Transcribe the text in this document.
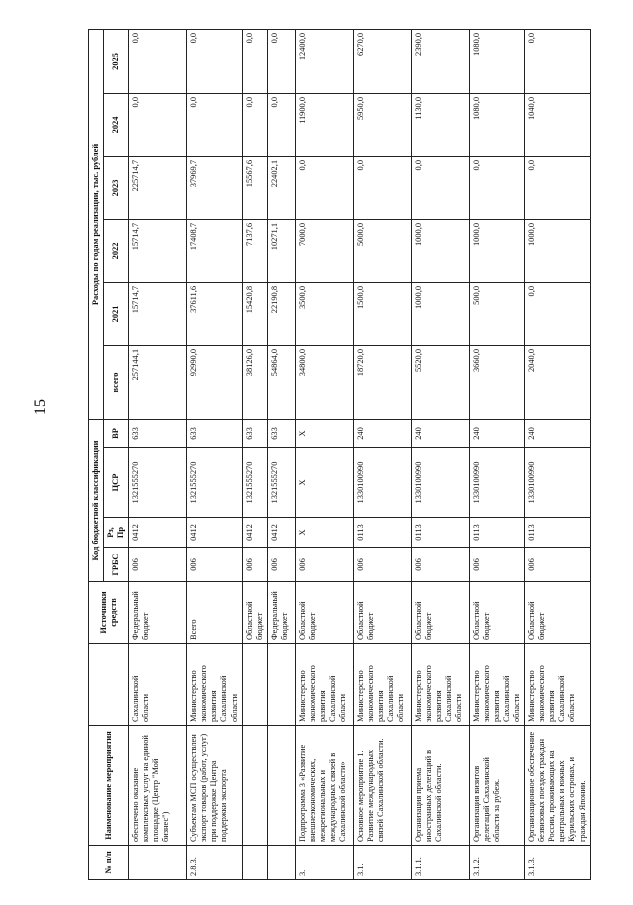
15
№ п/п	Наименование мероприятия		Источники средств	Код бюджетной классификации				Расходы по годам реализации, тыс. рублей					
				ГРБС	Рз, Пр	ЦСР	ВР	всего	2021	2022	2023	2024	2025
	обеспечено оказание комплексных услуг на единой площадке (Центр "Мой бизнес")	Сахалинской области	Федеральный бюджет	006	0412	1321555270	633	257144,1	15714,7	15714,7	225714,7	0,0	0,0
2.8.3.	Субъектам МСП осуществлен экспорт товаров (работ, услуг) при поддержке Центра поддержки экспорта	Министерство экономического развития Сахалинской области	Всего	006	0412	1321555270	633	92990,0	37611,6	17408,7	37969,7	0,0	0,0
			Областной бюджет	006	0412	1321555270	633	38126,0	15420,8	7137,6	15567,6	0,0	0,0
			Федеральный бюджет	006	0412	1321555270	633	54864,0	22190,8	10271,1	22402,1	0,0	0,0
3.	Подпрограмма 3 «Развитие внешнеэкономических, межрегиональных и международных связей в Сахалинской области»	Министерство экономического развития Сахалинской области	Областной бюджет	006	X	X	X	34800,0	3500,0	7000,0	0,0	11900,0	12400,0
3.1.	Основное мероприятие 1. Развитие международных связей Сахалинской области.	Министерство экономического развития Сахалинской области	Областной бюджет	006	0113	1330100990	240	18720,0	1500,0	5000,0	0,0	5950,0	6270,0
3.1.1.	Организация приема иностранных делегаций в Сахалинской области.	Министерство экономического развития Сахалинской области	Областной бюджет	006	0113	1330100990	240	5520,0	1000,0	1000,0	0,0	1130,0	2390,0
3.1.2.	Организация визитов делегаций Сахалинской области за рубеж.	Министерство экономического развития Сахалинской области	Областной бюджет	006	0113	1330100990	240	3660,0	500,0	1000,0	0,0	1080,0	1080,0
3.1.3.	Организационное обеспечение безвизовых поездок граждан России, проживающих на центральных и южных Курильских островах, и граждан Японии.	Министерство экономического развития Сахалинской области	Областной бюджет	006	0113	1330100990	240	2040,0	0,0	1000,0	0,0	1040,0	0,0
